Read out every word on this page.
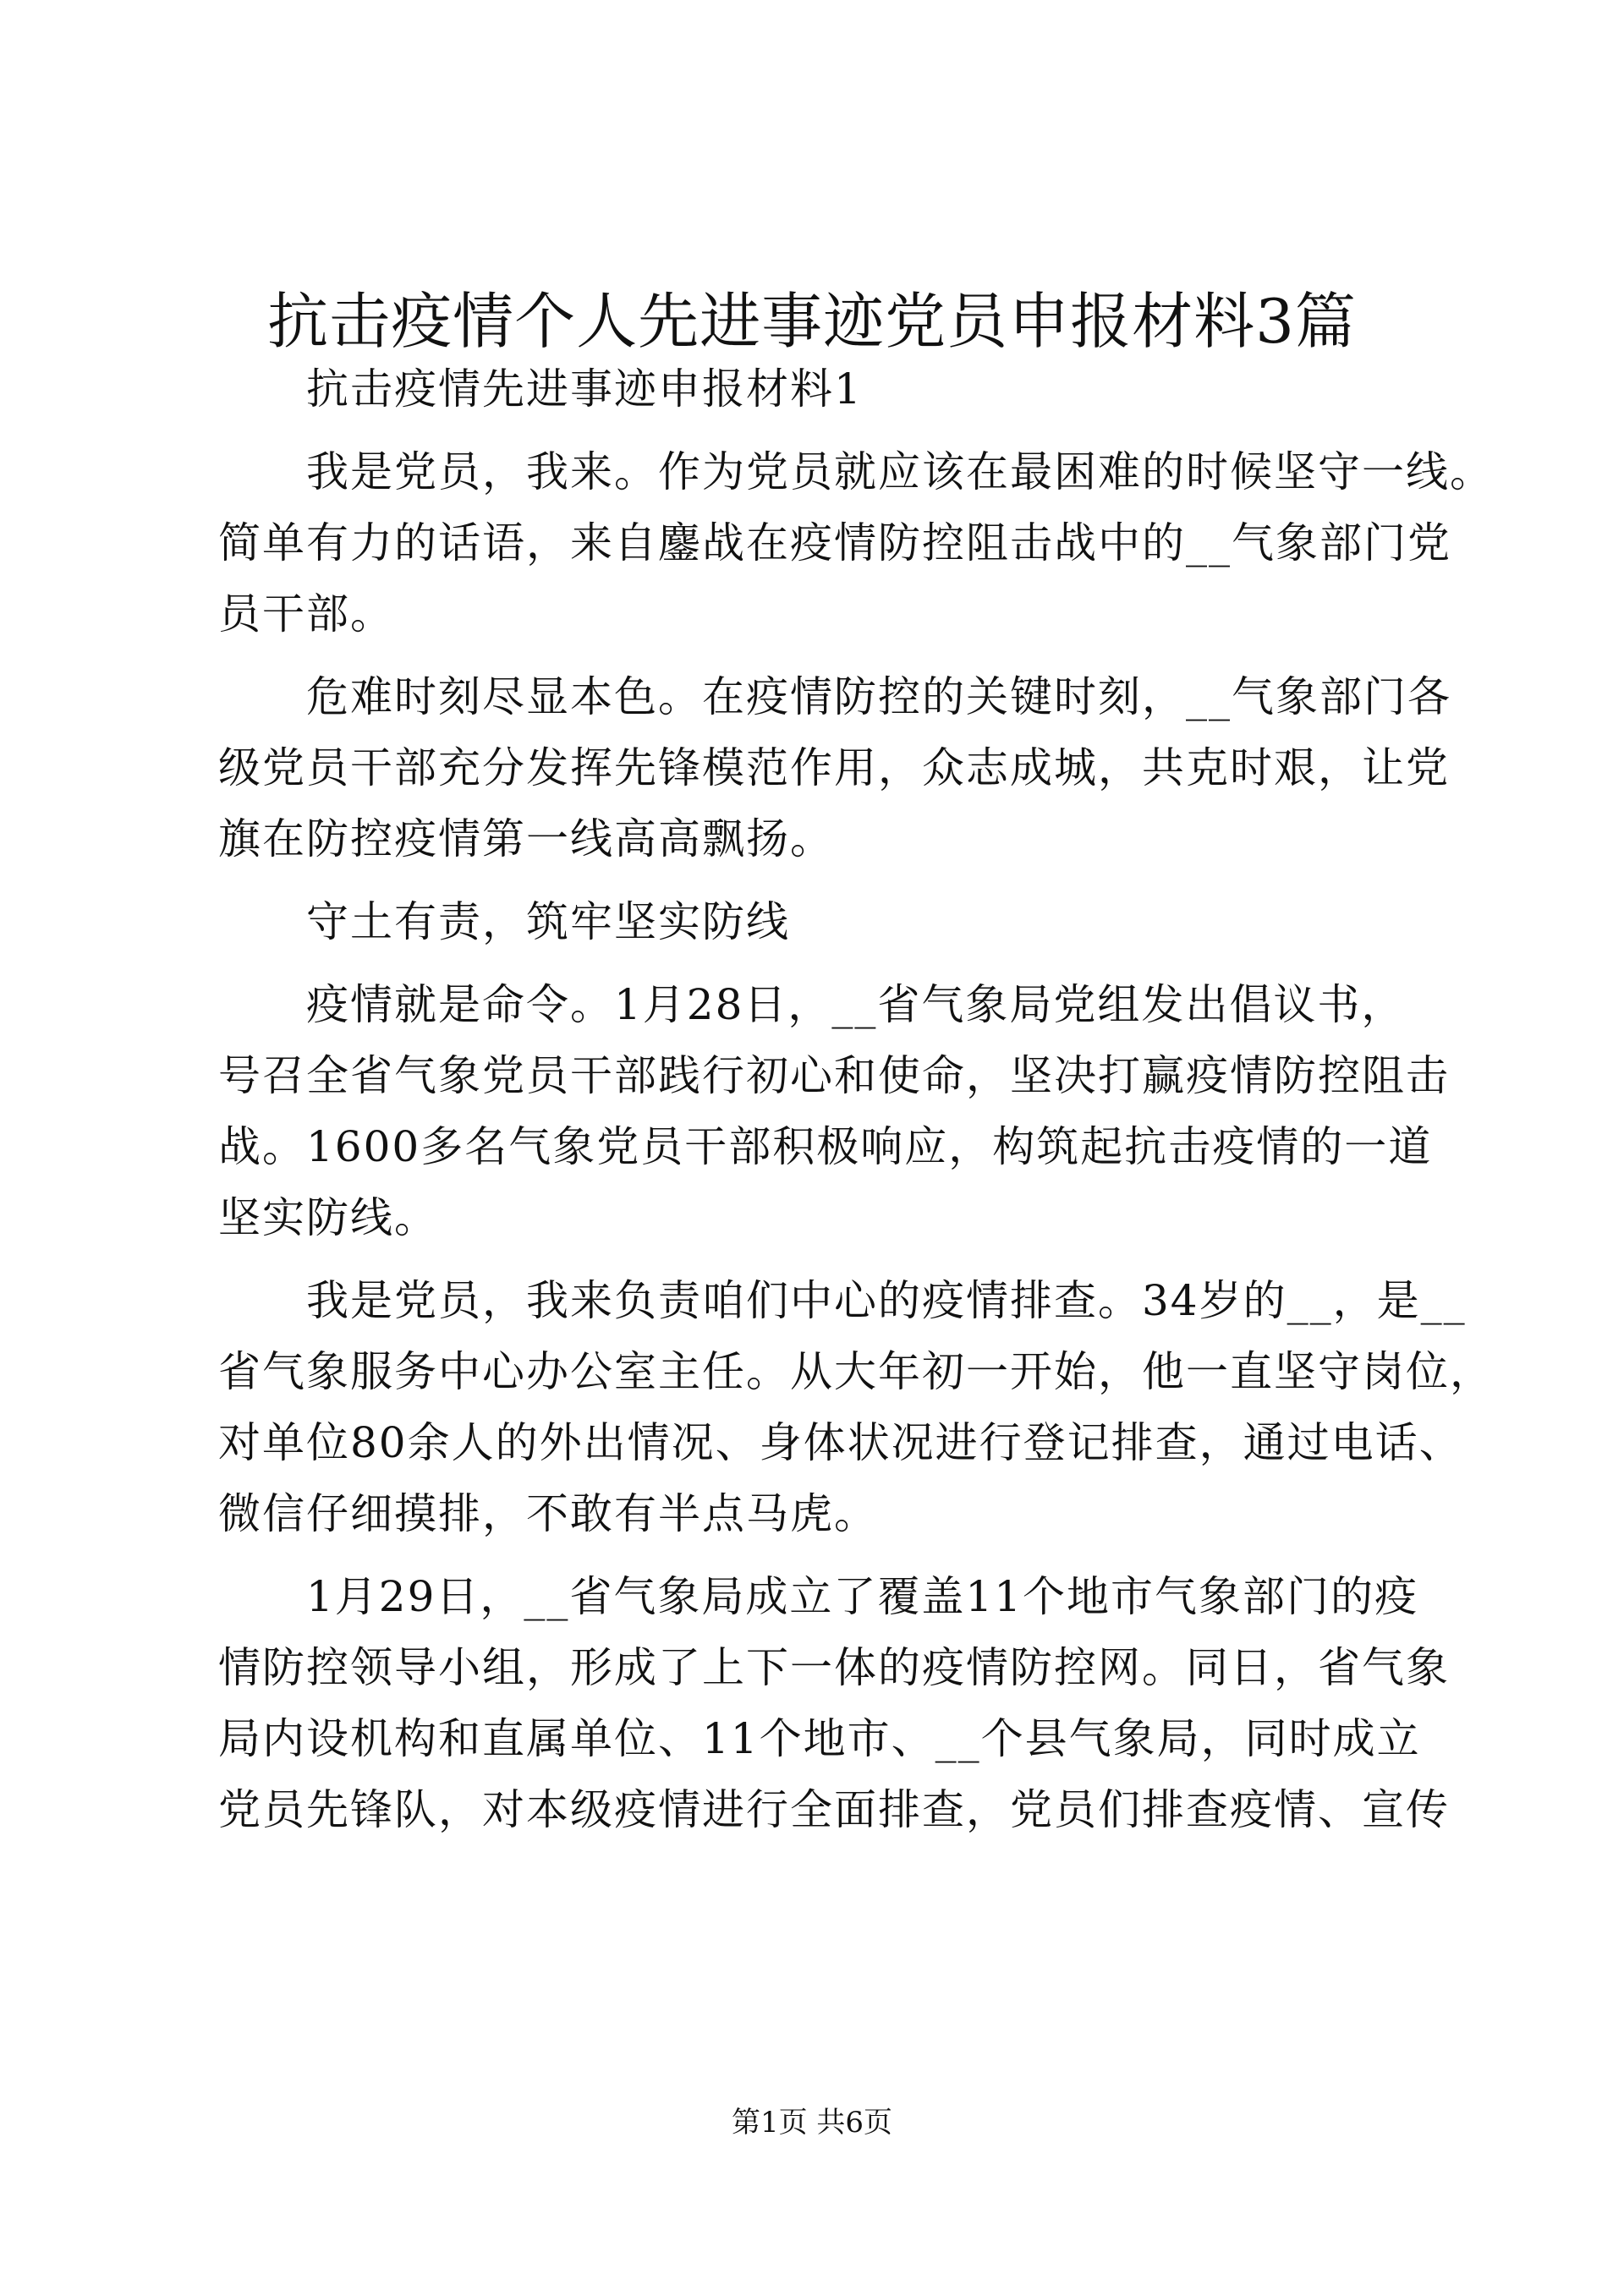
抗击疫情个人先进事迹党员申报材料3篇
抗击疫情先进事迹申报材料1
我是党员，我来。作为党员就应该在最困难的时候坚守一线。
简单有力的话语，来自鏖战在疫情防控阻击战中的__气象部门党
员干部。
危难时刻尽显本色。在疫情防控的关键时刻，__气象部门各
级党员干部充分发挥先锋模范作用，众志成城，共克时艰，让党
旗在防控疫情第一线高高飘扬。
守土有责，筑牢坚实防线
疫情就是命令。1月28日，__省气象局党组发出倡议书，
号召全省气象党员干部践行初心和使命，坚决打赢疫情防控阻击
战。1600多名气象党员干部积极响应，构筑起抗击疫情的一道
坚实防线。
我是党员，我来负责咱们中心的疫情排查。34岁的__，是__
省气象服务中心办公室主任。从大年初一开始，他一直坚守岗位，
对单位80余人的外出情况、身体状况进行登记排查，通过电话、
微信仔细摸排，不敢有半点马虎。
1月29日，__省气象局成立了覆盖11个地市气象部门的疫
情防控领导小组，形成了上下一体的疫情防控网。同日，省气象
局内设机构和直属单位、11个地市、__个县气象局，同时成立
党员先锋队，对本级疫情进行全面排查，党员们排查疫情、宣传
第1页 共6页
